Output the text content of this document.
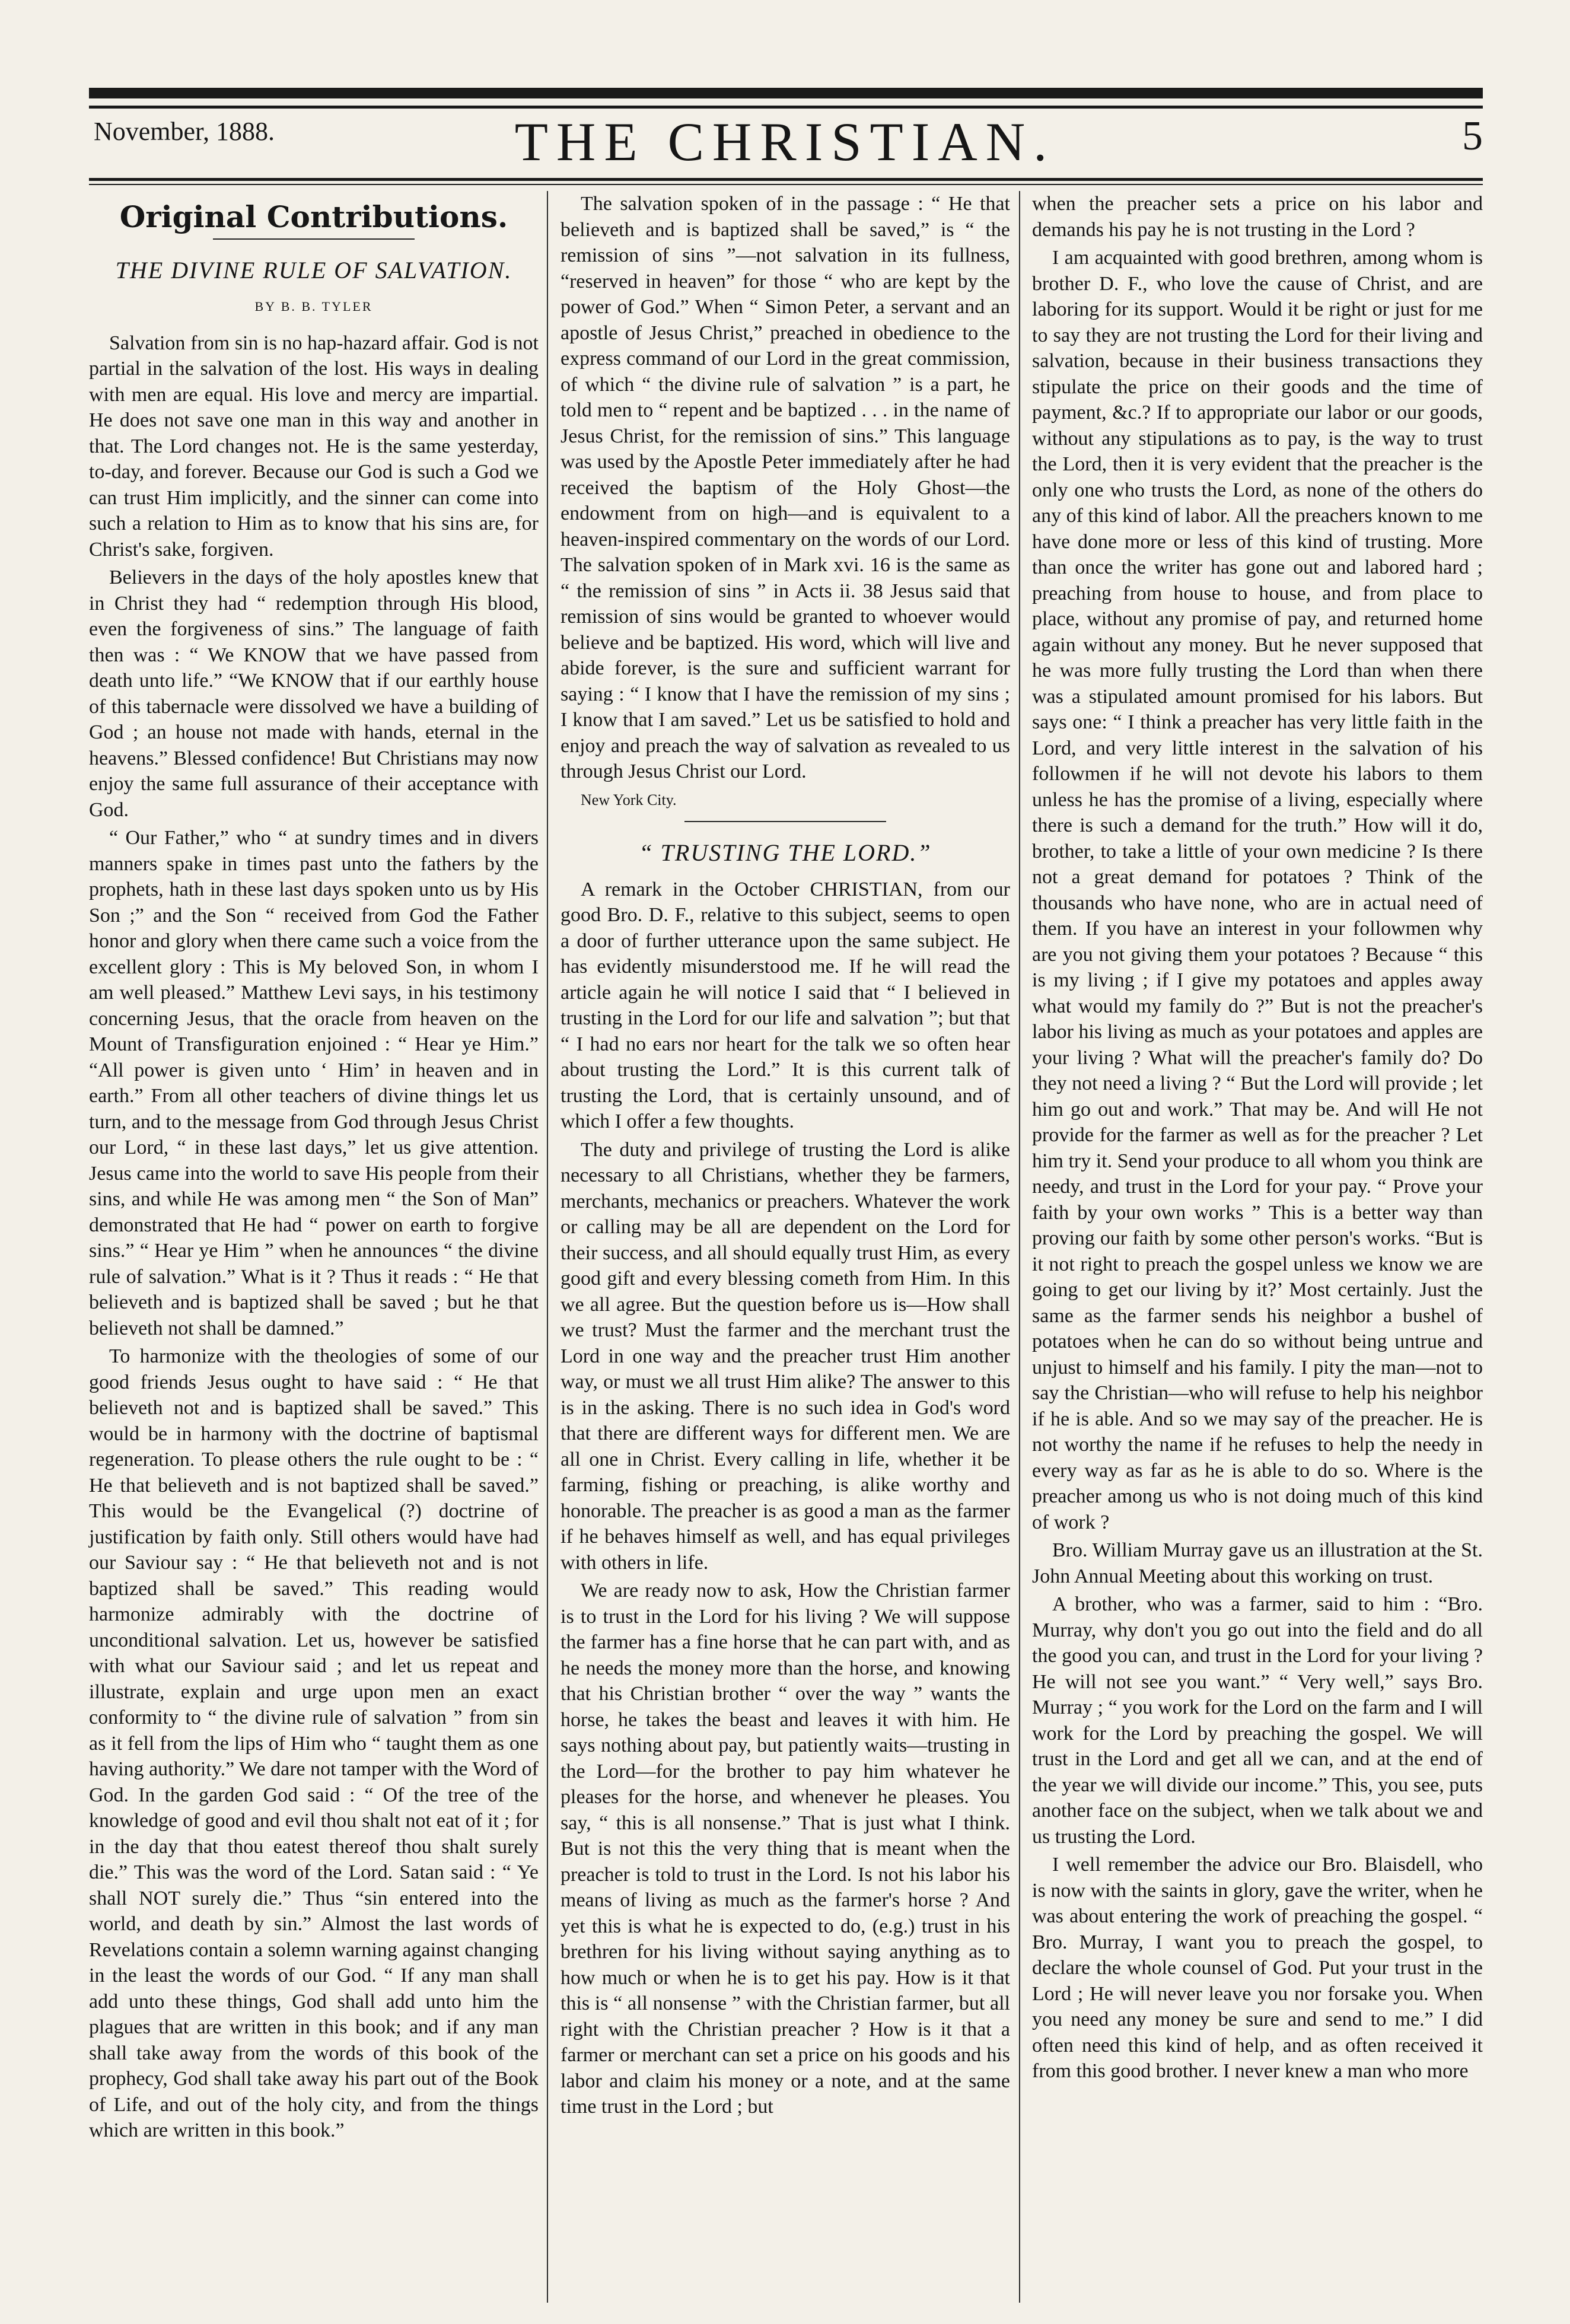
November, 1888.	THE CHRISTIAN.	5
Original Contributions.
THE DIVINE RULE OF SALVATION.
BY B. B. TYLER

Salvation from sin is no hap-hazard affair. God is not partial in the salvation of the lost. His ways in dealing with men are equal. His love and mercy are impartial. He does not save one man in this way and another in that. The Lord changes not. He is the same yesterday, to-day, and forever. Because our God is such a God we can trust Him implicitly, and the sinner can come into such a relation to Him as to know that his sins are, for Christ's sake, forgiven.

Believers in the days of the holy apostles knew that in Christ they had “ redemption through His blood, even the forgiveness of sins.” The language of faith then was : “ We KNOW that we have passed from death unto life.” “We KNOW that if our earthly house of this tabernacle were dissolved we have a building of God ; an house not made with hands, eternal in the heavens.” Blessed confidence! But Christians may now enjoy the same full assurance of their acceptance with God.

“ Our Father,” who “ at sundry times and in divers manners spake in times past unto the fathers by the prophets, hath in these last days spoken unto us by His Son ;” and the Son “ received from God the Father honor and glory when there came such a voice from the excellent glory : This is My beloved Son, in whom I am well pleased.” Matthew Levi says, in his testimony concerning Jesus, that the oracle from heaven on the Mount of Transfiguration enjoined : “ Hear ye Him.” “All power is given unto ‘ Him’ in heaven and in earth.” From all other teachers of divine things let us turn, and to the message from God through Jesus Christ our Lord, “ in these last days,” let us give attention. Jesus came into the world to save His people from their sins, and while He was among men “ the Son of Man” demonstrated that He had “ power on earth to forgive sins.” “ Hear ye Him ” when he announces “ the divine rule of salvation.” What is it ? Thus it reads : “ He that believeth and is baptized shall be saved ; but he that believeth not shall be damned.”

To harmonize with the theologies of some of our good friends Jesus ought to have said : “ He that believeth not and is baptized shall be saved.” This would be in harmony with the doctrine of baptismal regeneration. To please others the rule ought to be : “ He that believeth and is not baptized shall be saved.” This would be the Evangelical (?) doctrine of justification by faith only. Still others would have had our Saviour say : “ He that believeth not and is not baptized shall be saved.” This reading would harmonize admirably with the doctrine of unconditional salvation. Let us, however be satisfied with what our Saviour said ; and let us repeat and illustrate, explain and urge upon men an exact conformity to “ the divine rule of salvation ” from sin as it fell from the lips of Him who “ taught them as one having authority.” We dare not tamper with the Word of God. In the garden God said : “ Of the tree of the knowledge of good and evil thou shalt not eat of it ; for in the day that thou eatest thereof thou shalt surely die.” This was the word of the Lord. Satan said : “ Ye shall NOT surely die.” Thus “sin entered into the world, and death by sin.” Almost the last words of Revelations contain a solemn warning against changing in the least the words of our God. “ If any man shall add unto these things, God shall add unto him the plagues that are written in this book; and if any man shall take away from the words of this book of the prophecy, God shall take away his part out of the Book of Life, and out of the holy city, and from the things which are written in this book.”

The salvation spoken of in the passage : “ He that believeth and is baptized shall be saved,” is “ the remission of sins ”—not salvation in its fullness, “reserved in heaven” for those “ who are kept by the power of God.” When “ Simon Peter, a servant and an apostle of Jesus Christ,” preached in obedience to the express command of our Lord in the great commission, of which “ the divine rule of salvation ” is a part, he told men to “ repent and be baptized . . . in the name of Jesus Christ, for the remission of sins.” This language was used by the Apostle Peter immediately after he had received the baptism of the Holy Ghost—the endowment from on high—and is equivalent to a heaven-inspired commentary on the words of our Lord. The salvation spoken of in Mark xvi. 16 is the same as “ the remission of sins ” in Acts ii. 38 Jesus said that remission of sins would be granted to whoever would believe and be baptized. His word, which will live and abide forever, is the sure and sufficient warrant for saying : “ I know that I have the remission of my sins ; I know that I am saved.” Let us be satisfied to hold and enjoy and preach the way of salvation as revealed to us through Jesus Christ our Lord.

New York City.
“ TRUSTING THE LORD.”

A remark in the October CHRISTIAN, from our good Bro. D. F., relative to this subject, seems to open a door of further utterance upon the same subject. He has evidently misunderstood me. If he will read the article again he will notice I said that “ I believed in trusting in the Lord for our life and salvation ”; but that “ I had no ears nor heart for the talk we so often hear about trusting the Lord.” It is this current talk of trusting the Lord, that is certainly unsound, and of which I offer a few thoughts.

The duty and privilege of trusting the Lord is alike necessary to all Christians, whether they be farmers, merchants, mechanics or preachers. Whatever the work or calling may be all are dependent on the Lord for their success, and all should equally trust Him, as every good gift and every blessing cometh from Him. In this we all agree. But the question before us is—How shall we trust? Must the farmer and the merchant trust the Lord in one way and the preacher trust Him another way, or must we all trust Him alike? The answer to this is in the asking. There is no such idea in God's word that there are different ways for different men. We are all one in Christ. Every calling in life, whether it be farming, fishing or preaching, is alike worthy and honorable. The preacher is as good a man as the farmer if he behaves himself as well, and has equal privileges with others in life.

We are ready now to ask, How the Christian farmer is to trust in the Lord for his living ? We will suppose the farmer has a fine horse that he can part with, and as he needs the money more than the horse, and knowing that his Christian brother “ over the way ” wants the horse, he takes the beast and leaves it with him. He says nothing about pay, but patiently waits—trusting in the Lord—for the brother to pay him whatever he pleases for the horse, and whenever he pleases. You say, “ this is all nonsense.” That is just what I think. But is not this the very thing that is meant when the preacher is told to trust in the Lord. Is not his labor his means of living as much as the farmer's horse ? And yet this is what he is expected to do, (e.g.) trust in his brethren for his living without saying anything as to how much or when he is to get his pay. How is it that this is “ all nonsense ” with the Christian farmer, but all right with the Christian preacher ? How is it that a farmer or merchant can set a price on his goods and his labor and claim his money or a note, and at the same time trust in the Lord ; but

when the preacher sets a price on his labor and demands his pay he is not trusting in the Lord ?

I am acquainted with good brethren, among whom is brother D. F., who love the cause of Christ, and are laboring for its support. Would it be right or just for me to say they are not trusting the Lord for their living and salvation, because in their business transactions they stipulate the price on their goods and the time of payment, &c.? If to appropriate our labor or our goods, without any stipulations as to pay, is the way to trust the Lord, then it is very evident that the preacher is the only one who trusts the Lord, as none of the others do any of this kind of labor. All the preachers known to me have done more or less of this kind of trusting. More than once the writer has gone out and labored hard ; preaching from house to house, and from place to place, without any promise of pay, and returned home again without any money. But he never supposed that he was more fully trusting the Lord than when there was a stipulated amount promised for his labors. But says one: “ I think a preacher has very little faith in the Lord, and very little interest in the salvation of his followmen if he will not devote his labors to them unless he has the promise of a living, especially where there is such a demand for the truth.” How will it do, brother, to take a little of your own medicine ? Is there not a great demand for potatoes ? Think of the thousands who have none, who are in actual need of them. If you have an interest in your followmen why are you not giving them your potatoes ? Because “ this is my living ; if I give my potatoes and apples away what would my family do ?” But is not the preacher's labor his living as much as your potatoes and apples are your living ? What will the preacher's family do? Do they not need a living ? “ But the Lord will provide ; let him go out and work.” That may be. And will He not provide for the farmer as well as for the preacher ? Let him try it. Send your produce to all whom you think are needy, and trust in the Lord for your pay. “ Prove your faith by your own works ” This is a better way than proving our faith by some other person's works. “But is it not right to preach the gospel unless we know we are going to get our living by it?’ Most certainly. Just the same as the farmer sends his neighbor a bushel of potatoes when he can do so without being untrue and unjust to himself and his family. I pity the man—not to say the Christian—who will refuse to help his neighbor if he is able. And so we may say of the preacher. He is not worthy the name if he refuses to help the needy in every way as far as he is able to do so. Where is the preacher among us who is not doing much of this kind of work ?

Bro. William Murray gave us an illustration at the St. John Annual Meeting about this working on trust.

A brother, who was a farmer, said to him : “Bro. Murray, why don't you go out into the field and do all the good you can, and trust in the Lord for your living ? He will not see you want.” “ Very well,” says Bro. Murray ; “ you work for the Lord on the farm and I will work for the Lord by preaching the gospel. We will trust in the Lord and get all we can, and at the end of the year we will divide our income.” This, you see, puts another face on the subject, when we talk about we and us trusting the Lord.

I well remember the advice our Bro. Blaisdell, who is now with the saints in glory, gave the writer, when he was about entering the work of preaching the gospel. “ Bro. Murray, I want you to preach the gospel, to declare the whole counsel of God. Put your trust in the Lord ; He will never leave you nor forsake you. When you need any money be sure and send to me.” I did often need this kind of help, and as often received it from this good brother. I never knew a man who more
